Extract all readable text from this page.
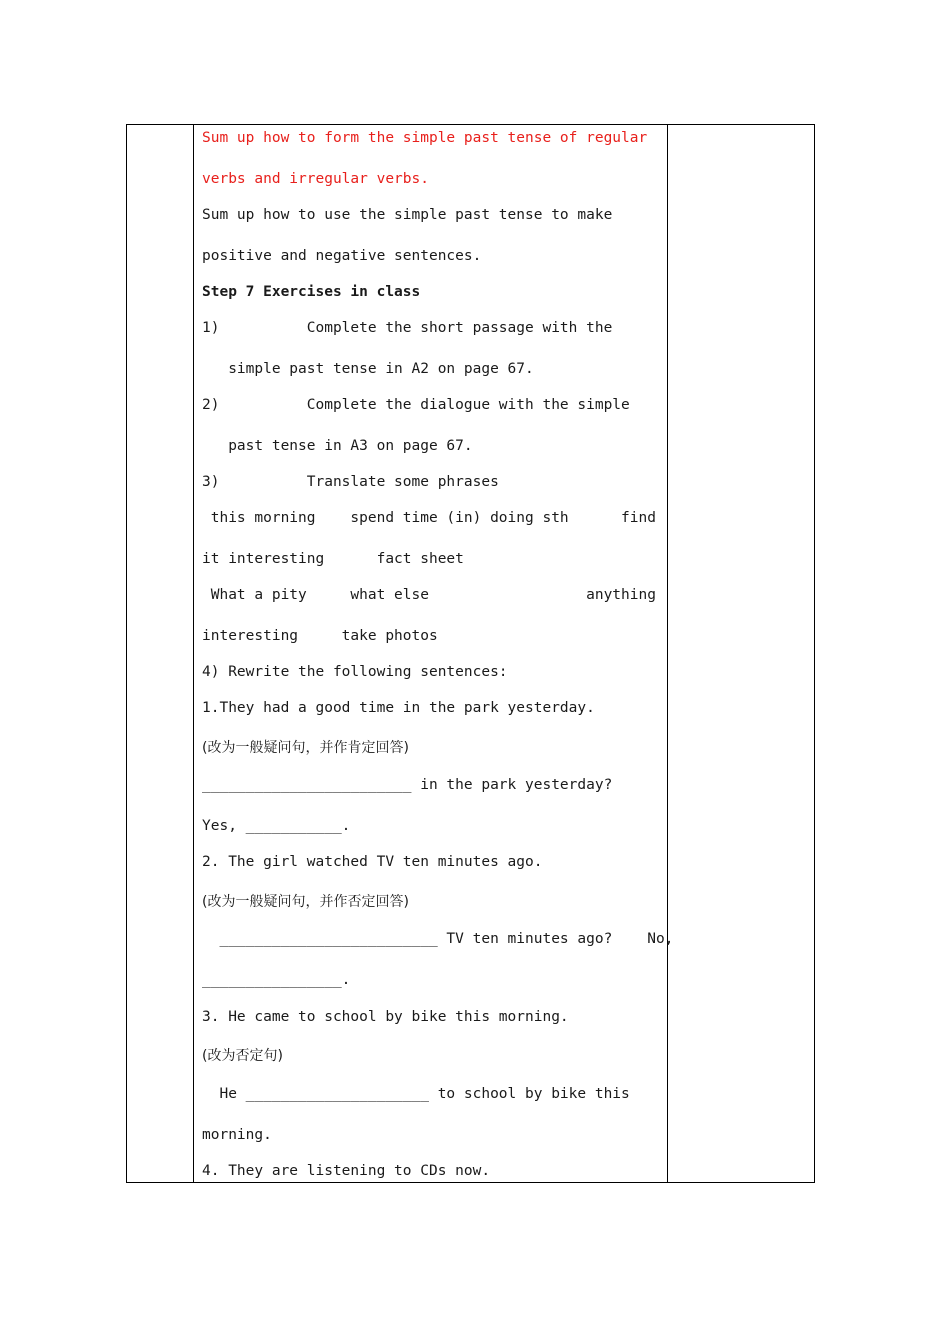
Sum up how to form the simple past tense of regular
verbs and irregular verbs.
Sum up how to use the simple past tense to make
positive and negative sentences.
Step 7 Exercises in class
1)          Complete the short passage with the
simple past tense in A2 on page 67.
2)          Complete the dialogue with the simple
past tense in A3 on page 67.
3)          Translate some phrases
this morning    spend time (in) doing sth      find
it interesting      fact sheet
What a pity     what else                  anything
interesting     take photos
4) Rewrite the following sentences:
1.They had a good time in the park yesterday.
(改为一般疑问句，并作肯定回答)
________________________ in the park yesterday?
Yes, ___________.
2. The girl watched TV ten minutes ago.
(改为一般疑问句，并作否定回答)
_________________________ TV ten minutes ago?    No,
________________.
3. He came to school by bike this morning.
(改为否定句)
He _____________________ to school by bike this
morning.
4. They are listening to CDs now.
